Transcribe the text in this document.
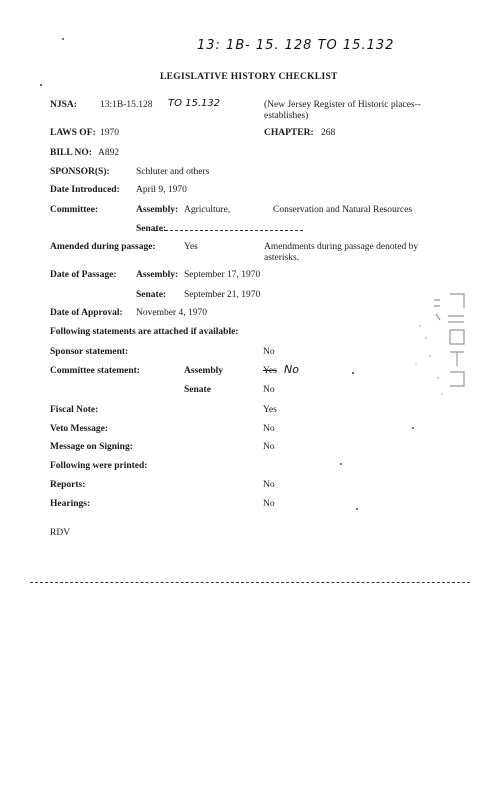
13: 1B- 15. 128 TO 15.132
LEGISLATIVE HISTORY CHECKLIST
NJSA: 13:1B-15.128 TO 15.132	(New Jersey Register of Historic places-- establishes)
LAWS OF: 1970	CHAPTER: 268
BILL NO: A892
SPONSOR(S):	Schluter and others
Date Introduced: April 9, 1970
Committee:	Assembly: Agriculture,	Conservation and Natural Resources
Senate:
Amended during passage:	Yes	Amendments during passage denoted by asterisks.
Date of Passage: Assembly: September 17, 1970
Senate: September 21, 1970
Date of Approval: November 4, 1970
Following statements are attached if available:
Sponsor statement:	No
Committee statement:	Assembly	Yes No
Senate	No
Fiscal Note:	Yes
Veto Message:	No
Message on Signing:	No
Following were printed:
Reports:	No
Hearings:	No
RDV
